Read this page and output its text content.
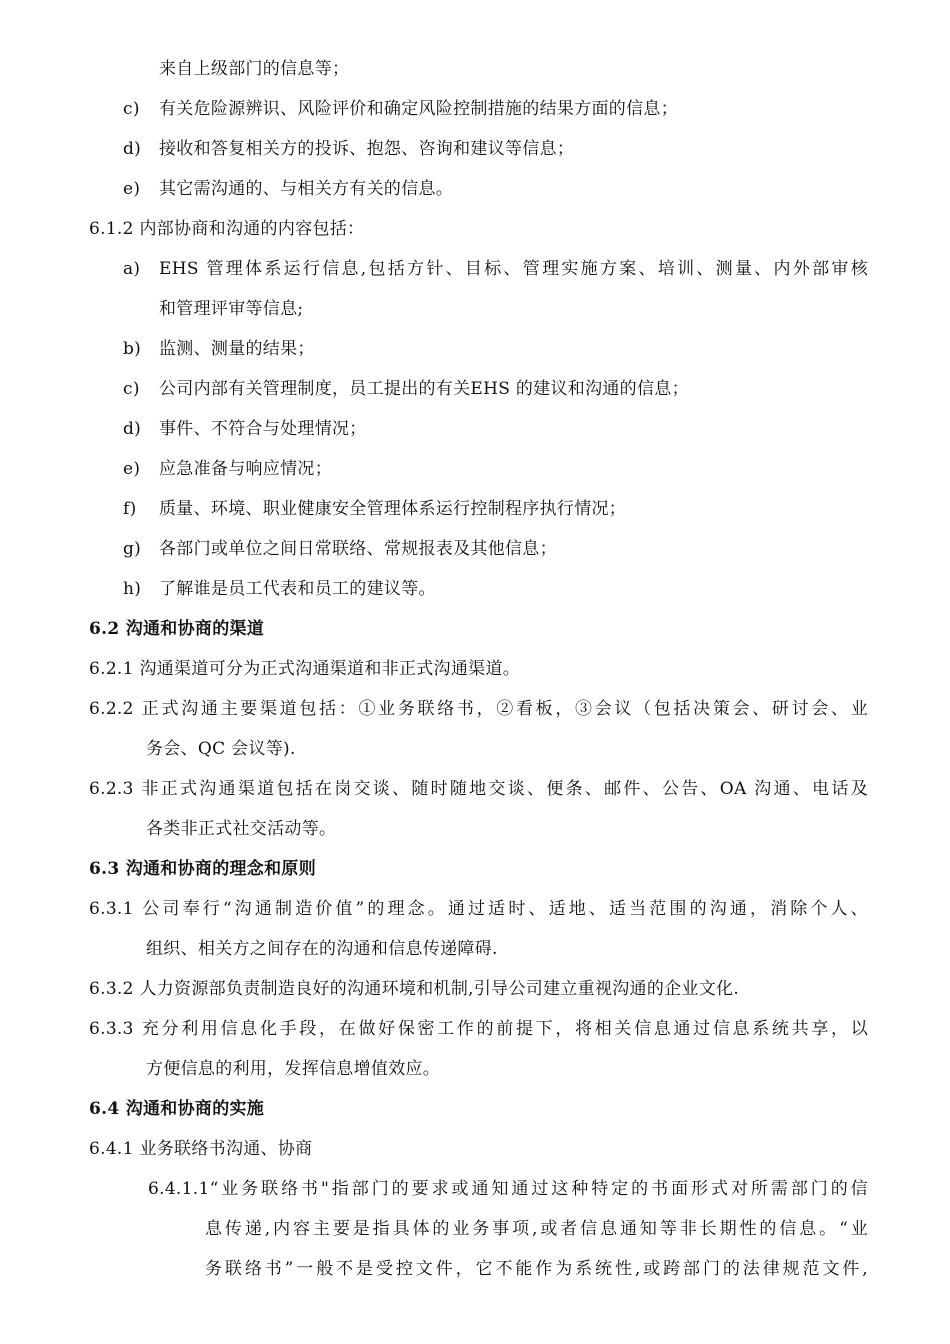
来自上级部门的信息等；
c) 有关危险源辨识、风险评价和确定风险控制措施的结果方面的信息；
d) 接收和答复相关方的投诉、抱怨、咨询和建议等信息；
e) 其它需沟通的、与相关方有关的信息。
6.1.2 内部协商和沟通的内容包括：
a) EHS 管理体系运行信息,包括方针、目标、管理实施方案、培训、测量、内外部审核
和管理评审等信息;
b) 监测、测量的结果；
c) 公司内部有关管理制度，员工提出的有关EHS 的建议和沟通的信息；
d) 事件、不符合与处理情况；
e) 应急准备与响应情况；
f) 质量、环境、职业健康安全管理体系运行控制程序执行情况；
g) 各部门或单位之间日常联络、常规报表及其他信息；
h) 了解谁是员工代表和员工的建议等。
6.2 沟通和协商的渠道
6.2.1 沟通渠道可分为正式沟通渠道和非正式沟通渠道。
6.2.2 正式沟通主要渠道包括：①业务联络书，②看板，③会议（包括决策会、研讨会、业
务会、QC 会议等).
6.2.3 非正式沟通渠道包括在岗交谈、随时随地交谈、便条、邮件、公告、OA 沟通、电话及
各类非正式社交活动等。
6.3 沟通和协商的理念和原则
6.3.1 公司奉行“沟通制造价值”的理念。通过适时、适地、适当范围的沟通，消除个人、
组织、相关方之间存在的沟通和信息传递障碍.
6.3.2 人力资源部负责制造良好的沟通环境和机制,引导公司建立重视沟通的企业文化.
6.3.3 充分利用信息化手段，在做好保密工作的前提下，将相关信息通过信息系统共享，以
方便信息的利用，发挥信息增值效应。
6.4 沟通和协商的实施
6.4.1 业务联络书沟通、协商
6.4.1.1“业务联络书"指部门的要求或通知通过这种特定的书面形式对所需部门的信
息传递,内容主要是指具体的业务事项,或者信息通知等非长期性的信息。“业
务联络书”一般不是受控文件，它不能作为系统性,或跨部门的法律规范文件,
